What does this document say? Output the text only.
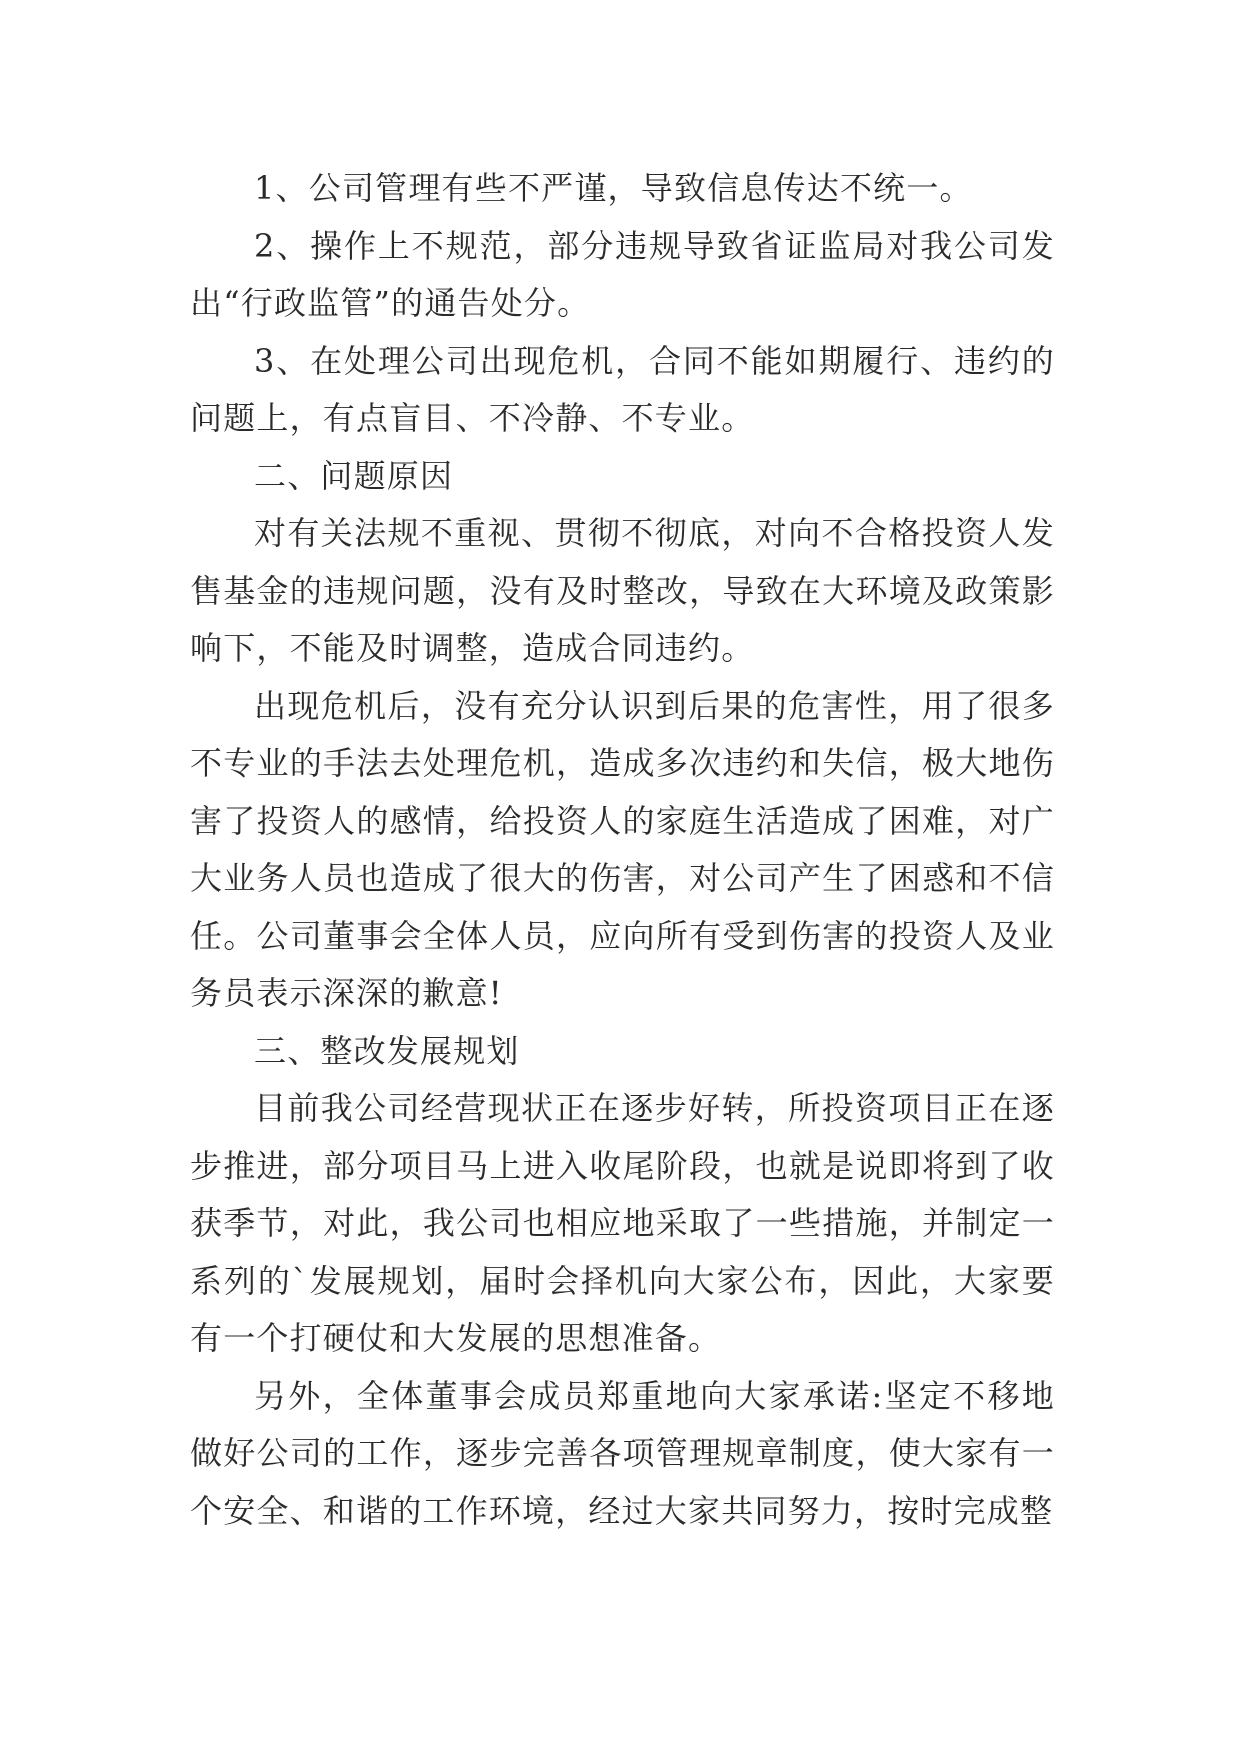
1、公司管理有些不严谨，导致信息传达不统一。

2、操作上不规范，部分违规导致省证监局对我公司发出“行政监管”的通告处分。

3、在处理公司出现危机，合同不能如期履行、违约的问题上，有点盲目、不冷静、不专业。

二、问题原因

对有关法规不重视、贯彻不彻底，对向不合格投资人发售基金的违规问题，没有及时整改，导致在大环境及政策影响下，不能及时调整，造成合同违约。

出现危机后，没有充分认识到后果的危害性，用了很多不专业的手法去处理危机，造成多次违约和失信，极大地伤害了投资人的感情，给投资人的家庭生活造成了困难，对广大业务人员也造成了很大的伤害，对公司产生了困惑和不信任。公司董事会全体人员，应向所有受到伤害的投资人及业务员表示深深的歉意!

三、整改发展规划

目前我公司经营现状正在逐步好转，所投资项目正在逐步推进，部分项目马上进入收尾阶段，也就是说即将到了收获季节，对此，我公司也相应地采取了一些措施，并制定一系列的`发展规划，届时会择机向大家公布，因此，大家要有一个打硬仗和大发展的思想准备。

另外，全体董事会成员郑重地向大家承诺:坚定不移地做好公司的工作，逐步完善各项管理规章制度，使大家有一个安全、和谐的工作环境，经过大家共同努力，按时完成整
